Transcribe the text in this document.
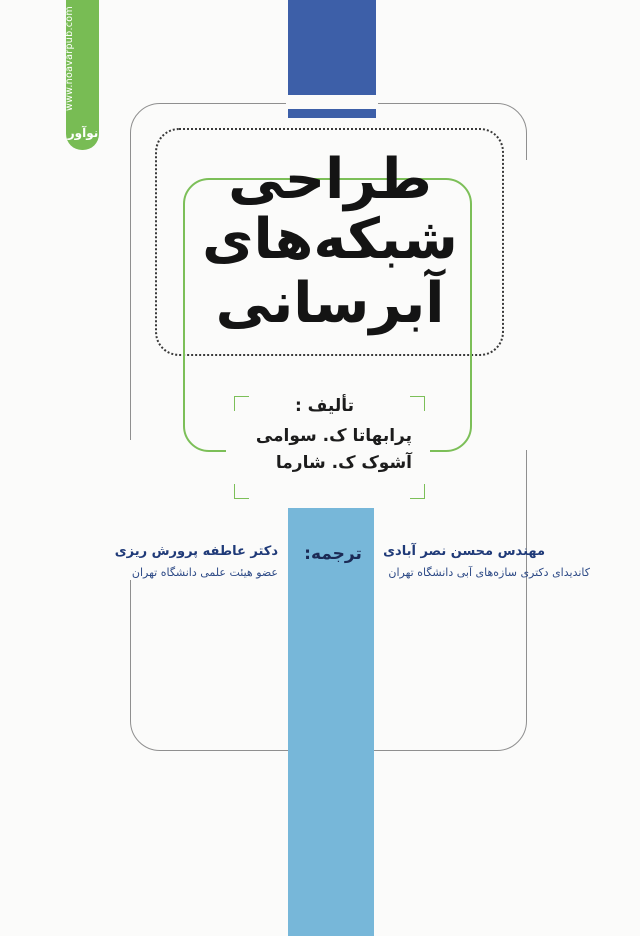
www.noavarpub.com
نوآور
طراحی
شبکه‌های
آبرسانی
تألیف :
پرابهاتا ک. سوامی
آشوک ک. شارما
ترجمه:	مهندس محسن نصر آبادی
کاندیدای دکتری سازه‌های آبی دانشگاه تهران
دکتر عاطفه پرورش ریزی
عضو هیئت علمی دانشگاه تهران
